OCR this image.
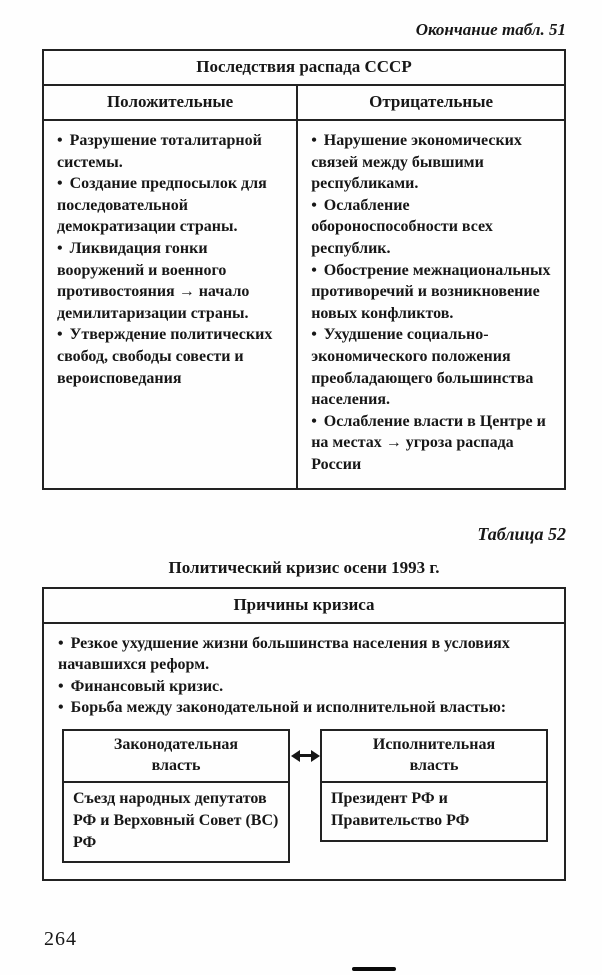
Окончание табл. 51
Последствия распада СССР
Положительные	Отрицательные
• Разрушение тоталитарной системы.
• Создание предпосылок для последовательной демократизации страны.
• Ликвидация гонки вооружений и военного противостояния → начало демилитаризации страны.
• Утверждение политических свобод, свободы совести и вероисповедания
• Нарушение экономических связей между бывшими республиками.
• Ослабление обороноспособности всех республик.
• Обострение межнациональных противоречий и возникновение новых конфликтов.
• Ухудшение социально-экономического положения преобладающего большинства населения.
• Ослабление власти в Центре и на местах → угроза распада России
Таблица 52
Политический кризис осени 1993 г.
Причины кризиса
• Резкое ухудшение жизни большинства населения в условиях начавшихся реформ.
• Финансовый кризис.
• Борьба между законодательной и исполнительной властью:
Законодательная власть
Съезд народных депутатов РФ и Верховный Совет (ВС) РФ
Исполнительная власть
Президент РФ и Правительство РФ
264
